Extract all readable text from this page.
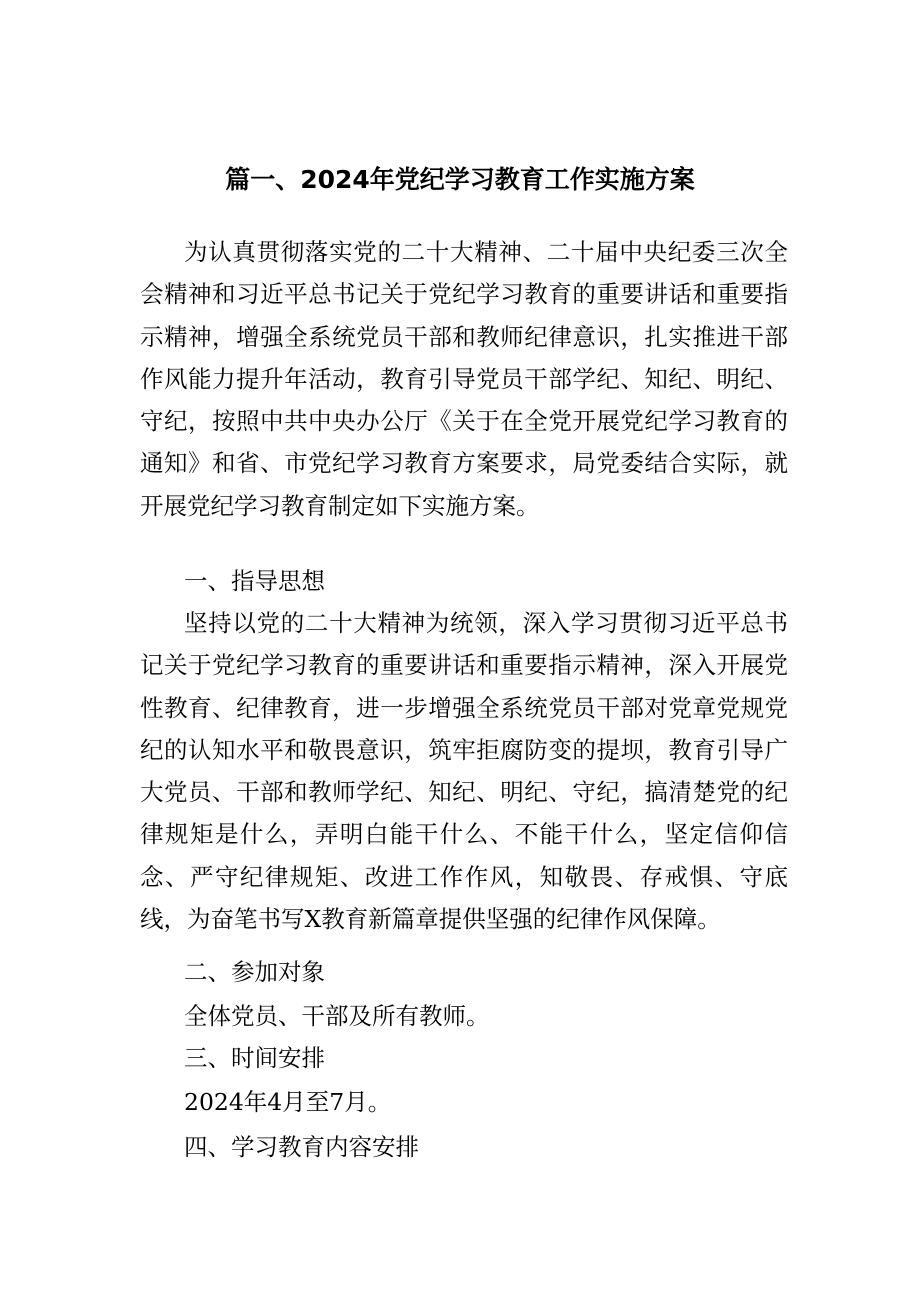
篇一、2024年党纪学习教育工作实施方案

为认真贯彻落实党的二十大精神、二十届中央纪委三次全会精神和习近平总书记关于党纪学习教育的重要讲话和重要指示精神，增强全系统党员干部和教师纪律意识，扎实推进干部作风能力提升年活动，教育引导党员干部学纪、知纪、明纪、守纪，按照中共中央办公厅《关于在全党开展党纪学习教育的通知》和省、市党纪学习教育方案要求，局党委结合实际，就开展党纪学习教育制定如下实施方案。

一、指导思想

坚持以党的二十大精神为统领，深入学习贯彻习近平总书记关于党纪学习教育的重要讲话和重要指示精神，深入开展党性教育、纪律教育，进一步增强全系统党员干部对党章党规党纪的认知水平和敬畏意识，筑牢拒腐防变的提坝，教育引导广大党员、干部和教师学纪、知纪、明纪、守纪，搞清楚党的纪律规矩是什么，弄明白能干什么、不能干什么，坚定信仰信念、严守纪律规矩、改进工作作风，知敬畏、存戒惧、守底线，为奋笔书写X教育新篇章提供坚强的纪律作风保障。

二、参加对象

全体党员、干部及所有教师。

三、时间安排

2024年4月至7月。

四、学习教育内容安排
